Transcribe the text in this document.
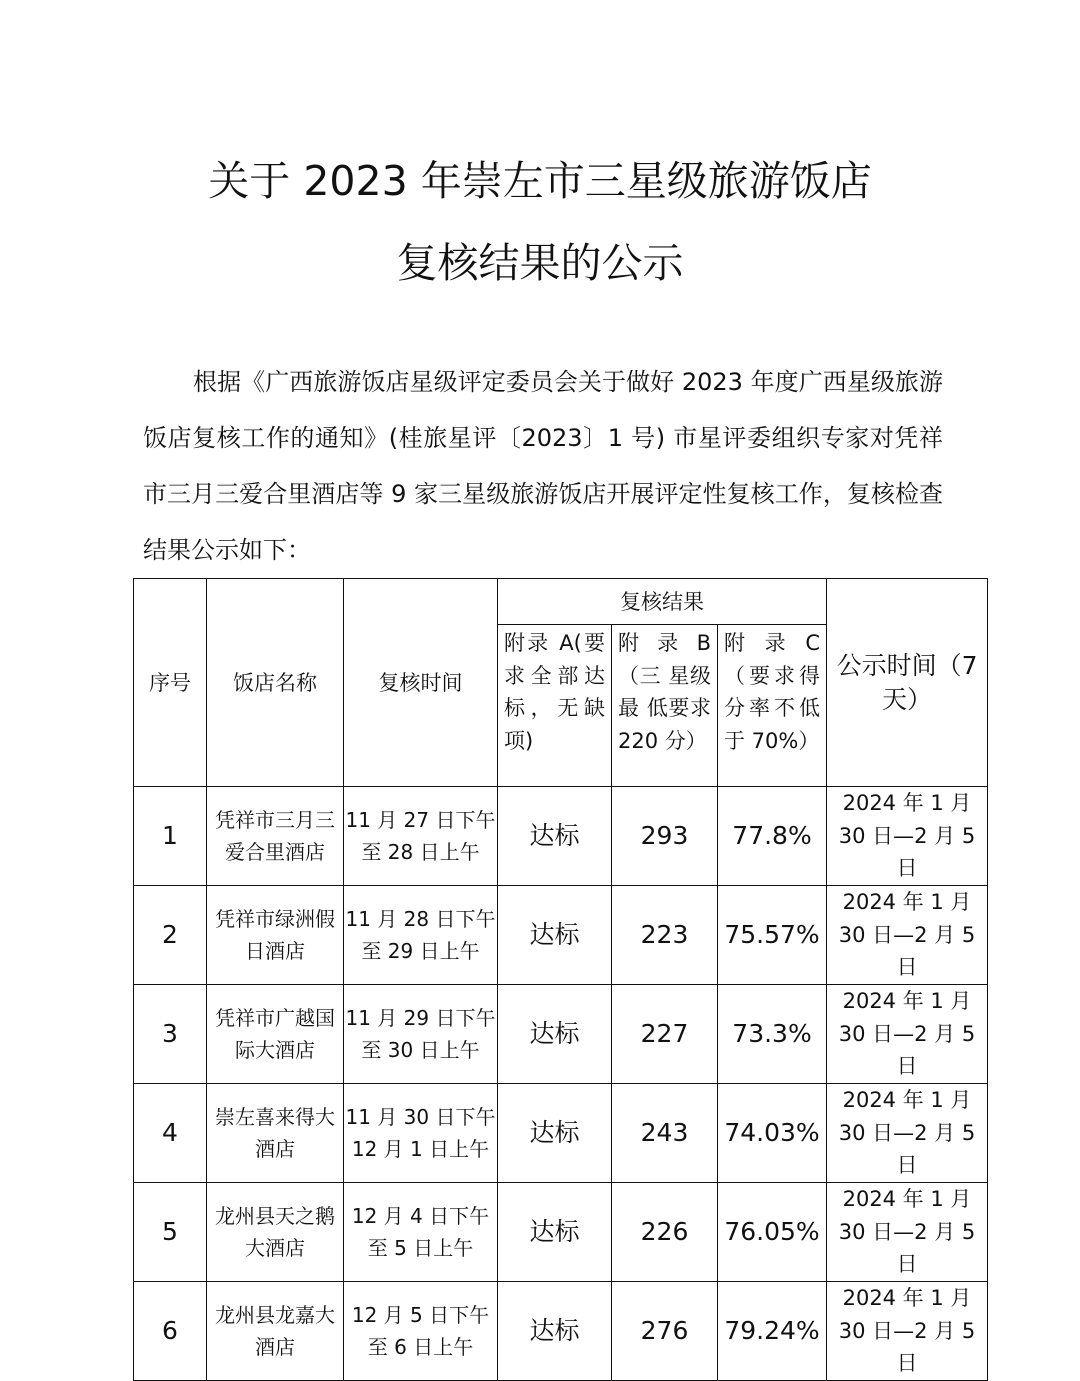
关于 2023 年崇左市三星级旅游饭店
复核结果的公示
根据《广西旅游饭店星级评定委员会关于做好 2023 年度广西星级旅游饭店复核工作的通知》(桂旅星评〔2023〕1 号) 市星评委组织专家对凭祥市三月三爱合里酒店等 9 家三星级旅游饭店开展评定性复核工作，复核检查结果公示如下：
序号	饭店名称	复核时间	复核结果			公示时间（7 天）
			附录 A(要求全部达标，无缺项)	附 录 B （三 星级 最 低要求 220 分）	附 录 C （要求得分率不低于 70%）	
1	凭祥市三月三爱合里酒店	11 月 27 日下午至 28 日上午	达标	293	77.8%	2024 年 1 月 30 日—2 月 5 日
2	凭祥市绿洲假日酒店	11 月 28 日下午至 29 日上午	达标	223	75.57%	2024 年 1 月 30 日—2 月 5 日
3	凭祥市广越国际大酒店	11 月 29 日下午至 30 日上午	达标	227	73.3%	2024 年 1 月 30 日—2 月 5 日
4	崇左喜来得大酒店	11 月 30 日下午 12 月 1 日上午	达标	243	74.03%	2024 年 1 月 30 日—2 月 5 日
5	龙州县天之鹅大酒店	12 月 4 日下午至 5 日上午	达标	226	76.05%	2024 年 1 月 30 日—2 月 5 日
6	龙州县龙嘉大酒店	12 月 5 日下午至 6 日上午	达标	276	79.24%	2024 年 1 月 30 日—2 月 5 日
